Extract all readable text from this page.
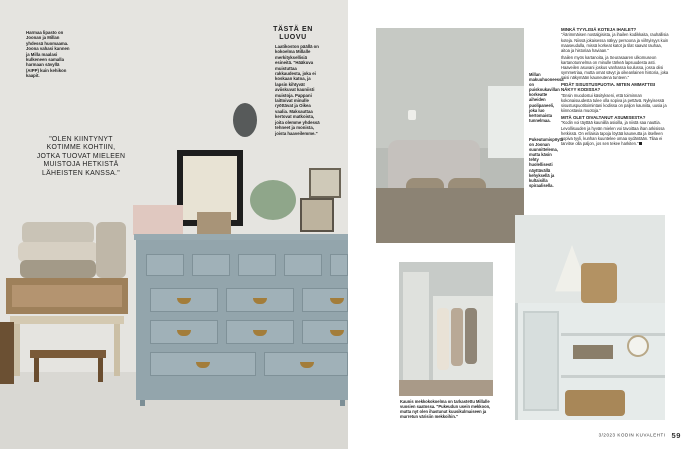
Harmaa lipasto on Joonan ja Millan yhdessä huomaama. Joona vahasi kannen ja Milla maalasi kulkeneen samalla harmaan sävyllä (AIPP) kuin kehikon kaapit.
TÄSTÄ EN LUOVU
Laatikoston päällä on kokoelma Millalle merkityksellisiä esineitä. "Hääkuva muistuttaa rakkaudesta, joka ei koskaan katoa, ja lapsin kihtyvät aviiskuvat kauniisti muistoja. Pappani laittoivat minulle ryöttävat ja Oikea vaalia. Maksauttaa kertovat matkoista, joita olemme yhdessä tehneet ja monista, joista haaveilemme."
"OLEN KIINTYNYT KOTIMME KOHTIIN, JOTKA TUOVAT MIELEEN MUISTOJA HETKISTÄ LÄHEISTEN KANSSA."
Millan makuuhuoneessa on puiskoukavillan korkeatte aiheiden puolipaneeli, joka luo kertomaista tunnelmaa.
Pukeutumispöytä on Joonan suunnittelema, mutta käsin tehty huolellisesti näyttävällä kehyksellä ja kultaisilla spiraalisella.

MINKÄ TYYLISIÄ KOTEJA IHAILET?

"Äärimmäisen nostalgisista, ja ihailen kodikkaita, rauhallisia koteja. Niissä jokaisessa näkyy persoona ja viihtyisyys kuin maaseudulla, missä korkeat katot ja tilat saavat rauhaa, aitoa ja historiaa haviaan."

Ihailen myös kartanoita, ja Seurasaaren ulkomuseon kartanotunnelma on minulle tärkeä lapsuudesta asti. Haaveilen asuvani joskus vanhassa koulussa, jossa olisi symmetriaa, mutta omat sävyt ja oikeanlainen historia, joka saisi näkymään kauneutena tunteen."

PIDÄT SISUSTUSPUOTIA. MITEN AMMATTISI NÄKYY KODISSA?

"Ensin muodostui käsitykseni, että toiminnan kokonaisuudesta tulee olla sopiva ja pettävä. Nykyisessä sisustuspuotitoimintani kodissa on paljon kauniita, uusia ja kiinnostavia muotoja."

MITÄ OLET OIVALTANUT ASUMISESTA?

"Kodin voi täyttää kauniilla asioilla, ja niistä saa nauttia. Levollisuuden ja hyvän mielen voi tavoittaa ihan arkisissa hetkissä. On erilaisia tapoja löytää kauneutta ja itselleen sopiva tyyli, kunhan kuuntelee omaa sydäntään. Tilaa ei tarvitse olla paljon, jos sen tekee harkiten."

Kaunis mekkokokoelma on tarkastettu Millalle vuosien saatossa. "Pukeudun usein mekkoon, mutta nyt olen ihastunut kuusikulmaiseen ja murretun värisiin mekkoihin."
3/2023 KODIN KUVALEHTI 59
